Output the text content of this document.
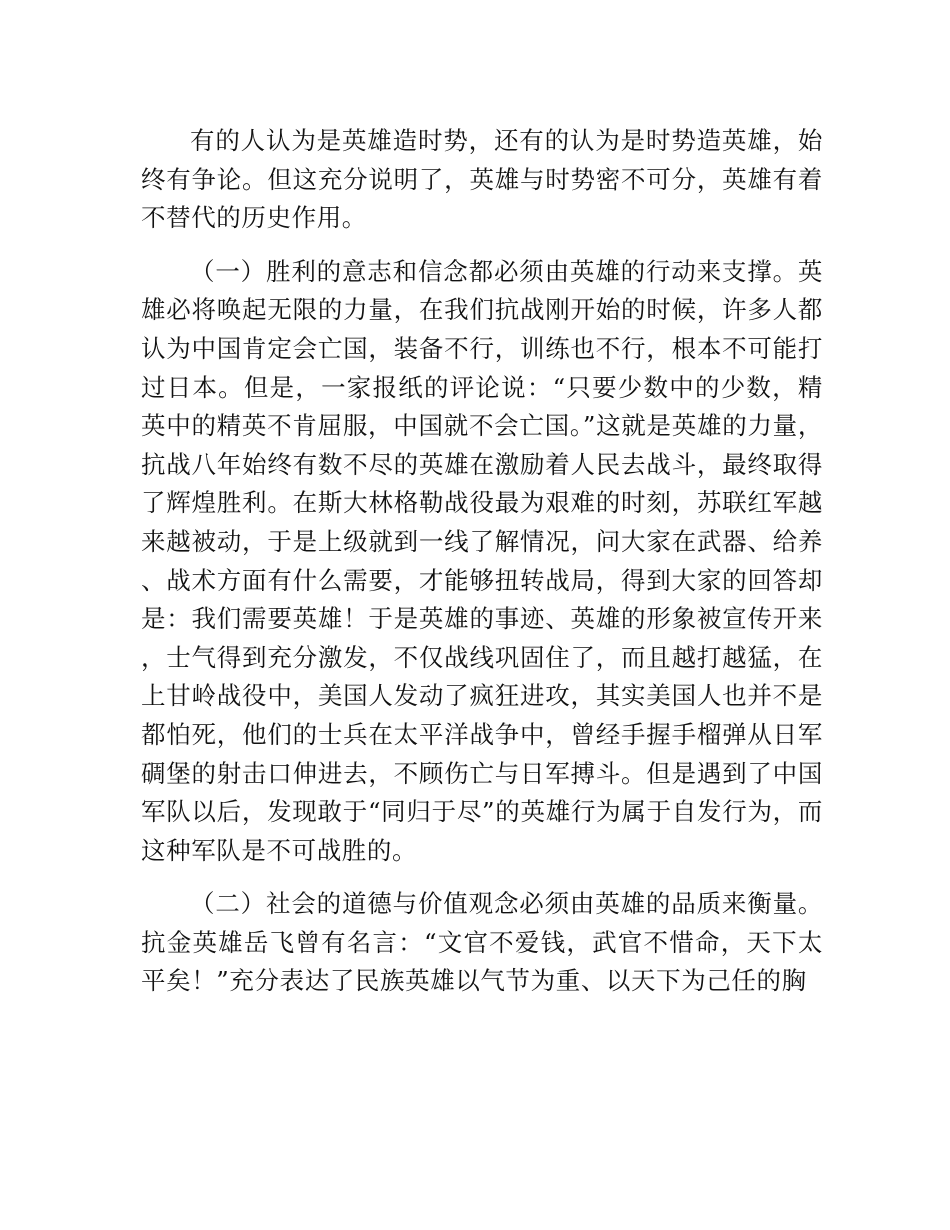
有的人认为是英雄造时势，还有的认为是时势造英雄，始终有争论。但这充分说明了，英雄与时势密不可分，英雄有着不替代的历史作用。

（一）胜利的意志和信念都必须由英雄的行动来支撑。英雄必将唤起无限的力量，在我们抗战刚开始的时候，许多人都认为中国肯定会亡国，装备不行，训练也不行，根本不可能打过日本。但是，一家报纸的评论说：“只要少数中的少数，精英中的精英不肯屈服，中国就不会亡国。”这就是英雄的力量，抗战八年始终有数不尽的英雄在激励着人民去战斗，最终取得了辉煌胜利。在斯大林格勒战役最为艰难的时刻，苏联红军越来越被动，于是上级就到一线了解情况，问大家在武器、给养、战术方面有什么需要，才能够扭转战局，得到大家的回答却是：我们需要英雄！于是英雄的事迹、英雄的形象被宣传开来，士气得到充分激发，不仅战线巩固住了，而且越打越猛，在上甘岭战役中，美国人发动了疯狂进攻，其实美国人也并不是都怕死，他们的士兵在太平洋战争中，曾经手握手榴弹从日军碉堡的射击口伸进去，不顾伤亡与日军搏斗。但是遇到了中国军队以后，发现敢于“同归于尽”的英雄行为属于自发行为，而这种军队是不可战胜的。

（二）社会的道德与价值观念必须由英雄的品质来衡量。抗金英雄岳飞曾有名言：“文官不爱钱，武官不惜命，天下太平矣！”充分表达了民族英雄以气节为重、以天下为己任的胸
